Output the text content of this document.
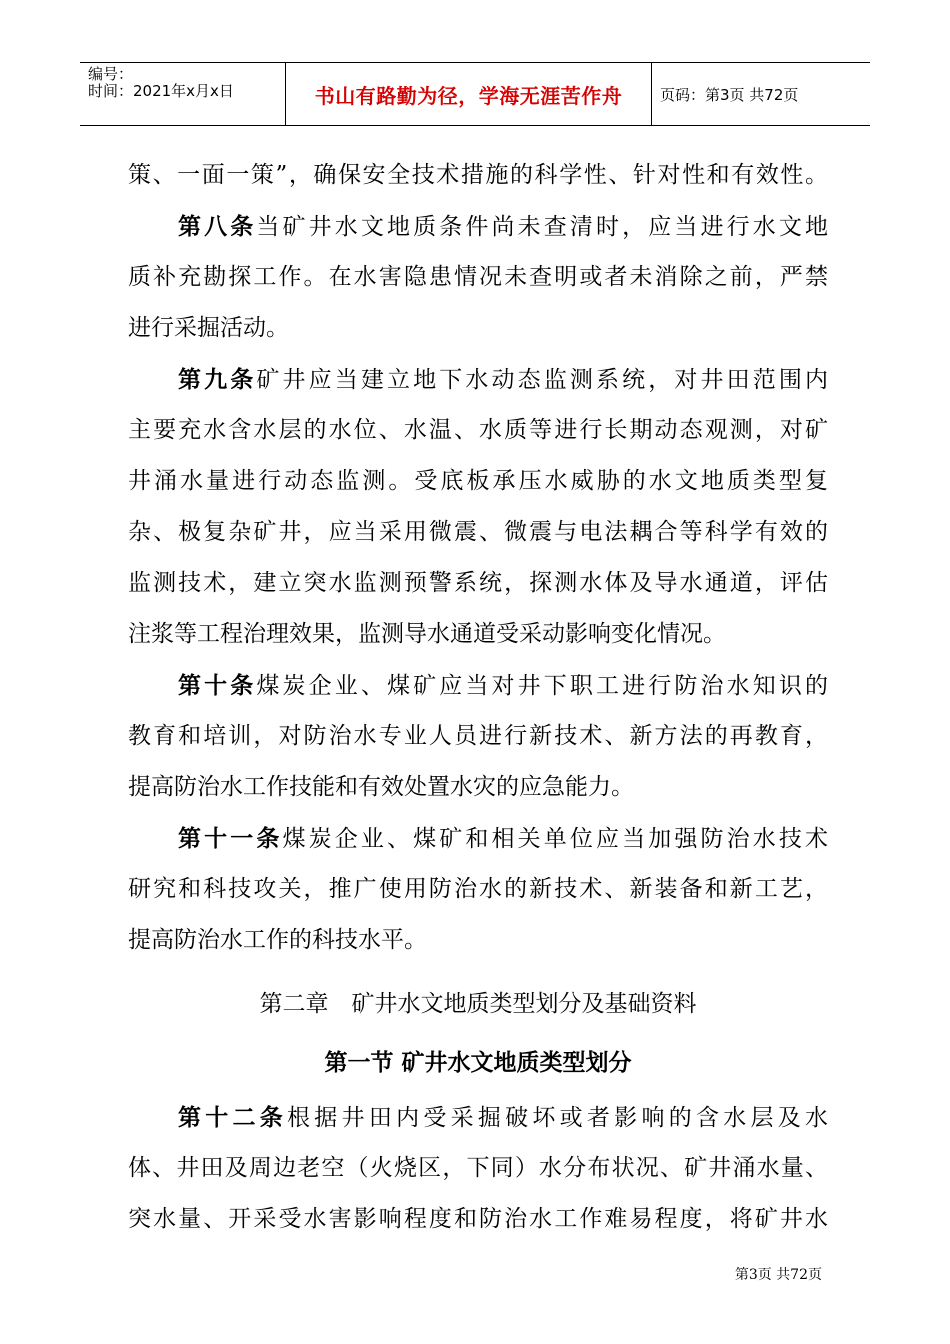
编号：
时间：2021年x月x日	书山有路勤为径，学海无涯苦作舟	页码：第3页 共72页
策、一面一策”，确保安全技术措施的科学性、针对性和有效性。
第八条当矿井水文地质条件尚未查清时，应当进行水文地
质补充勘探工作。在水害隐患情况未查明或者未消除之前，严禁
进行采掘活动。
第九条矿井应当建立地下水动态监测系统，对井田范围内
主要充水含水层的水位、水温、水质等进行长期动态观测，对矿
井涌水量进行动态监测。受底板承压水威胁的水文地质类型复
杂、极复杂矿井，应当采用微震、微震与电法耦合等科学有效的
监测技术，建立突水监测预警系统，探测水体及导水通道，评估
注浆等工程治理效果，监测导水通道受采动影响变化情况。
第十条煤炭企业、煤矿应当对井下职工进行防治水知识的
教育和培训，对防治水专业人员进行新技术、新方法的再教育，
提高防治水工作技能和有效处置水灾的应急能力。
第十一条煤炭企业、煤矿和相关单位应当加强防治水技术
研究和科技攻关，推广使用防治水的新技术、新装备和新工艺，
提高防治水工作的科技水平。
第二章　矿井水文地质类型划分及基础资料
第一节 矿井水文地质类型划分
第十二条根据井田内受采掘破坏或者影响的含水层及水
体、井田及周边老空（火烧区，下同）水分布状况、矿井涌水量、
突水量、开采受水害影响程度和防治水工作难易程度，将矿井水
第3页 共72页
